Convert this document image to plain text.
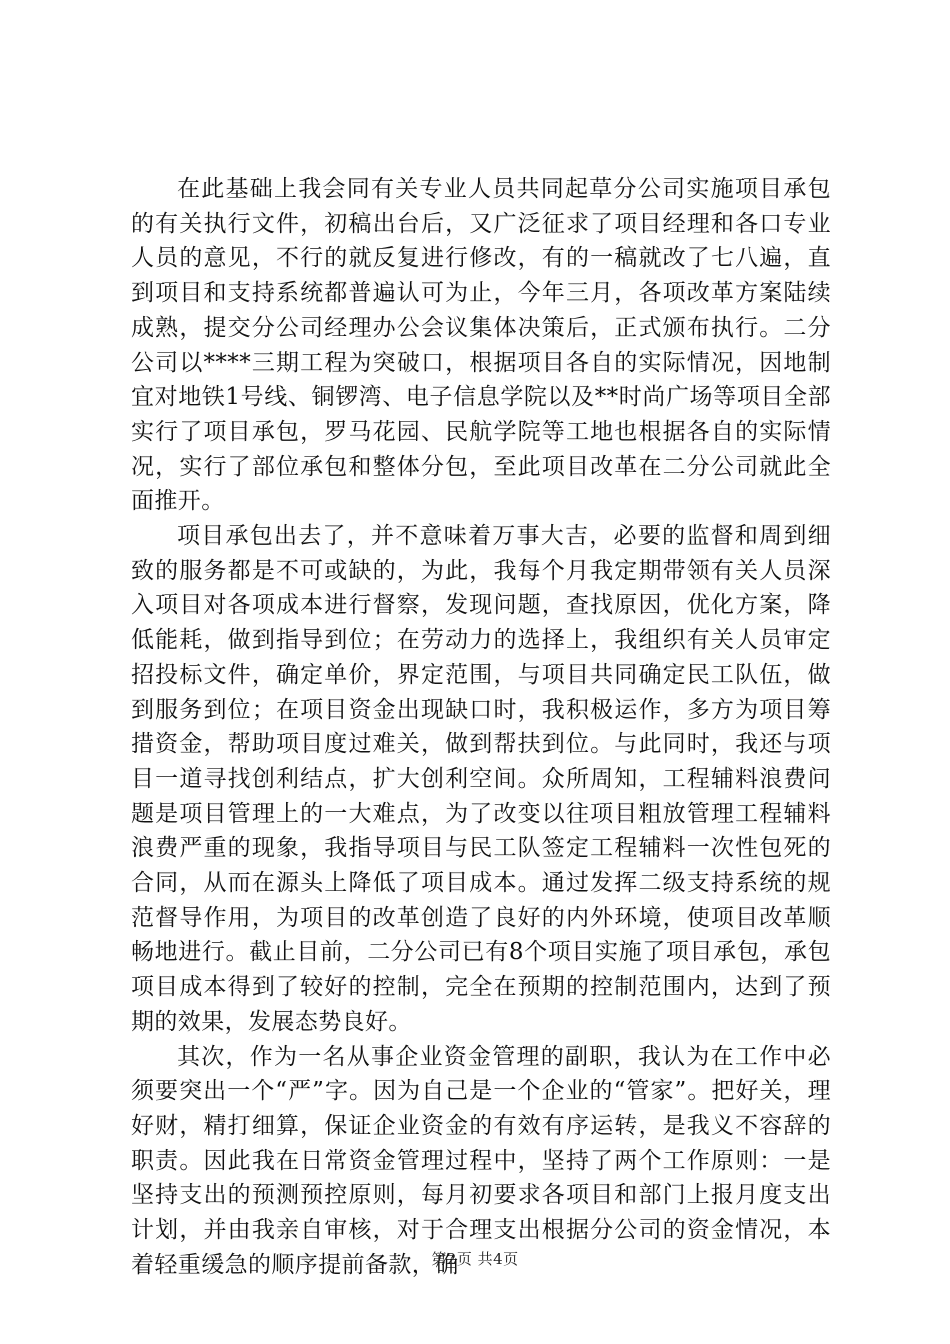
在此基础上我会同有关专业人员共同起草分公司实施项目承包的有关执行文件，初稿出台后，又广泛征求了项目经理和各口专业人员的意见，不行的就反复进行修改，有的一稿就改了七八遍，直到项目和支持系统都普遍认可为止，今年三月，各项改革方案陆续成熟，提交分公司经理办公会议集体决策后，正式颁布执行。二分公司以****三期工程为突破口，根据项目各自的实际情况，因地制宜对地铁1号线、铜锣湾、电子信息学院以及**时尚广场等项目全部实行了项目承包，罗马花园、民航学院等工地也根据各自的实际情况，实行了部位承包和整体分包，至此项目改革在二分公司就此全面推开。

项目承包出去了，并不意味着万事大吉，必要的监督和周到细致的服务都是不可或缺的，为此，我每个月我定期带领有关人员深入项目对各项成本进行督察，发现问题，查找原因，优化方案，降低能耗，做到指导到位；在劳动力的选择上，我组织有关人员审定招投标文件，确定单价，界定范围，与项目共同确定民工队伍，做到服务到位；在项目资金出现缺口时，我积极运作，多方为项目筹措资金，帮助项目度过难关，做到帮扶到位。与此同时，我还与项目一道寻找创利结点，扩大创利空间。众所周知，工程辅料浪费问题是项目管理上的一大难点，为了改变以往项目粗放管理工程辅料浪费严重的现象，我指导项目与民工队签定工程辅料一次性包死的合同，从而在源头上降低了项目成本。通过发挥二级支持系统的规范督导作用，为项目的改革创造了良好的内外环境，使项目改革顺畅地进行。截止目前，二分公司已有8个项目实施了项目承包，承包项目成本得到了较好的控制，完全在预期的控制范围内，达到了预期的效果，发展态势良好。

其次，作为一名从事企业资金管理的副职，我认为在工作中必须要突出一个“严”字。因为自己是一个企业的“管家”。把好关，理好财，精打细算，保证企业资金的有效有序运转，是我义不容辞的职责。因此我在日常资金管理过程中，坚持了两个工作原则：一是坚持支出的预测预控原则，每月初要求各项目和部门上报月度支出计划，并由我亲自审核，对于合理支出根据分公司的资金情况，本着轻重缓急的顺序提前备款，确

第2页 共4页
